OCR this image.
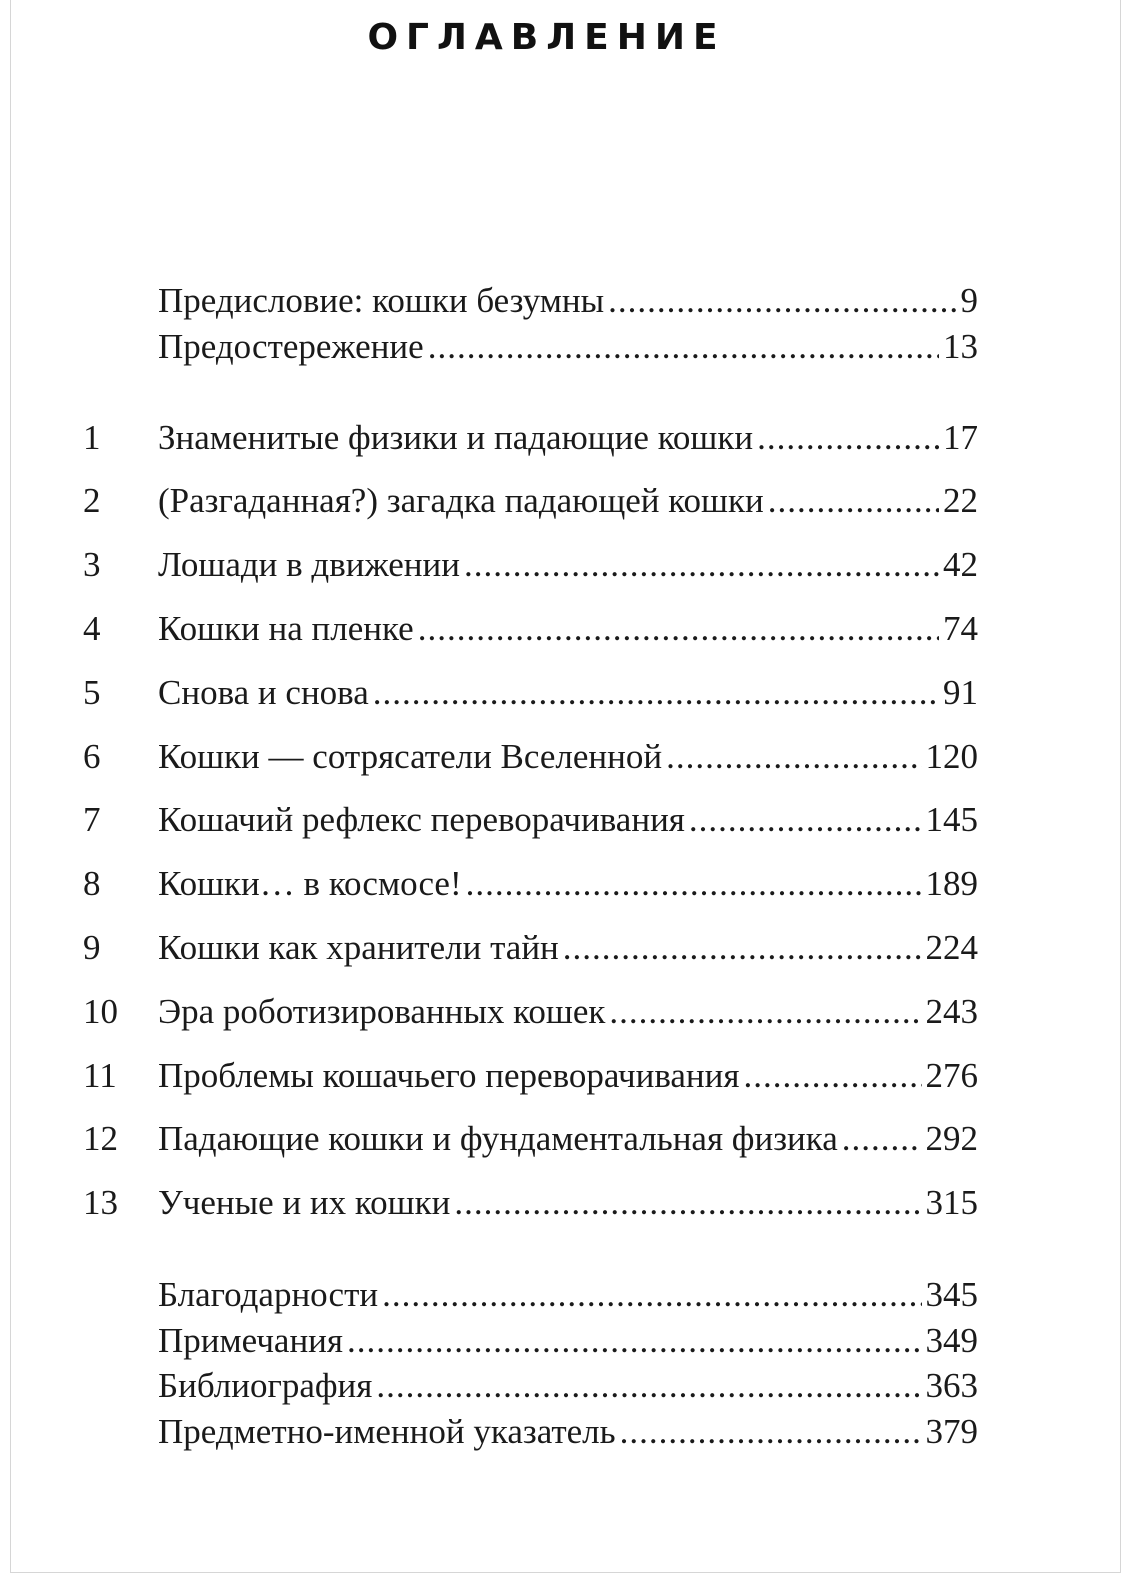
ОГЛАВЛЕНИЕ
Предисловие: кошки безумны .....	9
Предостережение .....	13
1 Знаменитые физики и падающие кошки .....	17
2 (Разгаданная?) загадка падающей кошки .....	22
3 Лошади в движении .....	42
4 Кошки на пленке .....	74
5 Снова и снова .....	91
6 Кошки — сотрясатели Вселенной .....	120
7 Кошачий рефлекс переворачивания .....	145
8 Кошки… в космосе! .....	189
9 Кошки как хранители тайн .....	224
10 Эра роботизированных кошек .....	243
11 Проблемы кошачьего переворачивания .....	276
12 Падающие кошки и фундаментальная физика .....	292
13 Ученые и их кошки .....	315
Благодарности .....	345
Примечания .....	349
Библиография .....	363
Предметно-именной указатель .....	379
